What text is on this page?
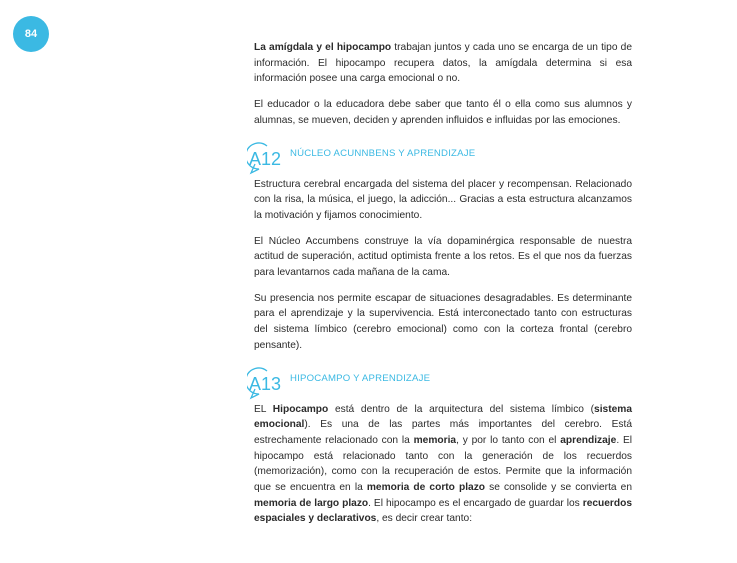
84

La amígdala y el hipocampo trabajan juntos y cada uno se encarga de un tipo de información. El hipocampo recupera datos, la amígdala determina si esa información posee una carga emocional o no.

El educador o la educadora debe saber que tanto él o ella como sus alumnos y alumnas, se mueven, deciden y aprenden influidos e influidas por las emociones.

A12 NÚCLEO ACUNNBENS Y APRENDIZAJE

Estructura cerebral encargada del sistema del placer y recompensan. Relacionado con la risa, la música, el juego, la adicción... Gracias a esta estructura alcanzamos la motivación y fijamos conocimiento.

El Núcleo Accumbens construye la vía dopaminérgica responsable de nuestra actitud de superación, actitud optimista frente a los retos. Es el que nos da fuerzas para levantarnos cada mañana de la cama.

Su presencia nos permite escapar de situaciones desagradables. Es determinante para el aprendizaje y la supervivencia. Está interconectado tanto con estructuras del sistema límbico (cerebro emocional) como con la corteza frontal (cerebro pensante).

A13 HIPOCAMPO Y APRENDIZAJE

EL Hipocampo está dentro de la arquitectura del sistema límbico (sistema emocional). Es una de las partes más importantes del cerebro. Está estrechamente relacionado con la memoria, y por lo tanto con el aprendizaje. El hipocampo está relacionado tanto con la generación de los recuerdos (memorización), como con la recuperación de estos. Permite que la información que se encuentra en la memoria de corto plazo se consolide y se convierta en memoria de largo plazo. El hipocampo es el encargado de guardar los recuerdos espaciales y declarativos, es decir crear tanto:
